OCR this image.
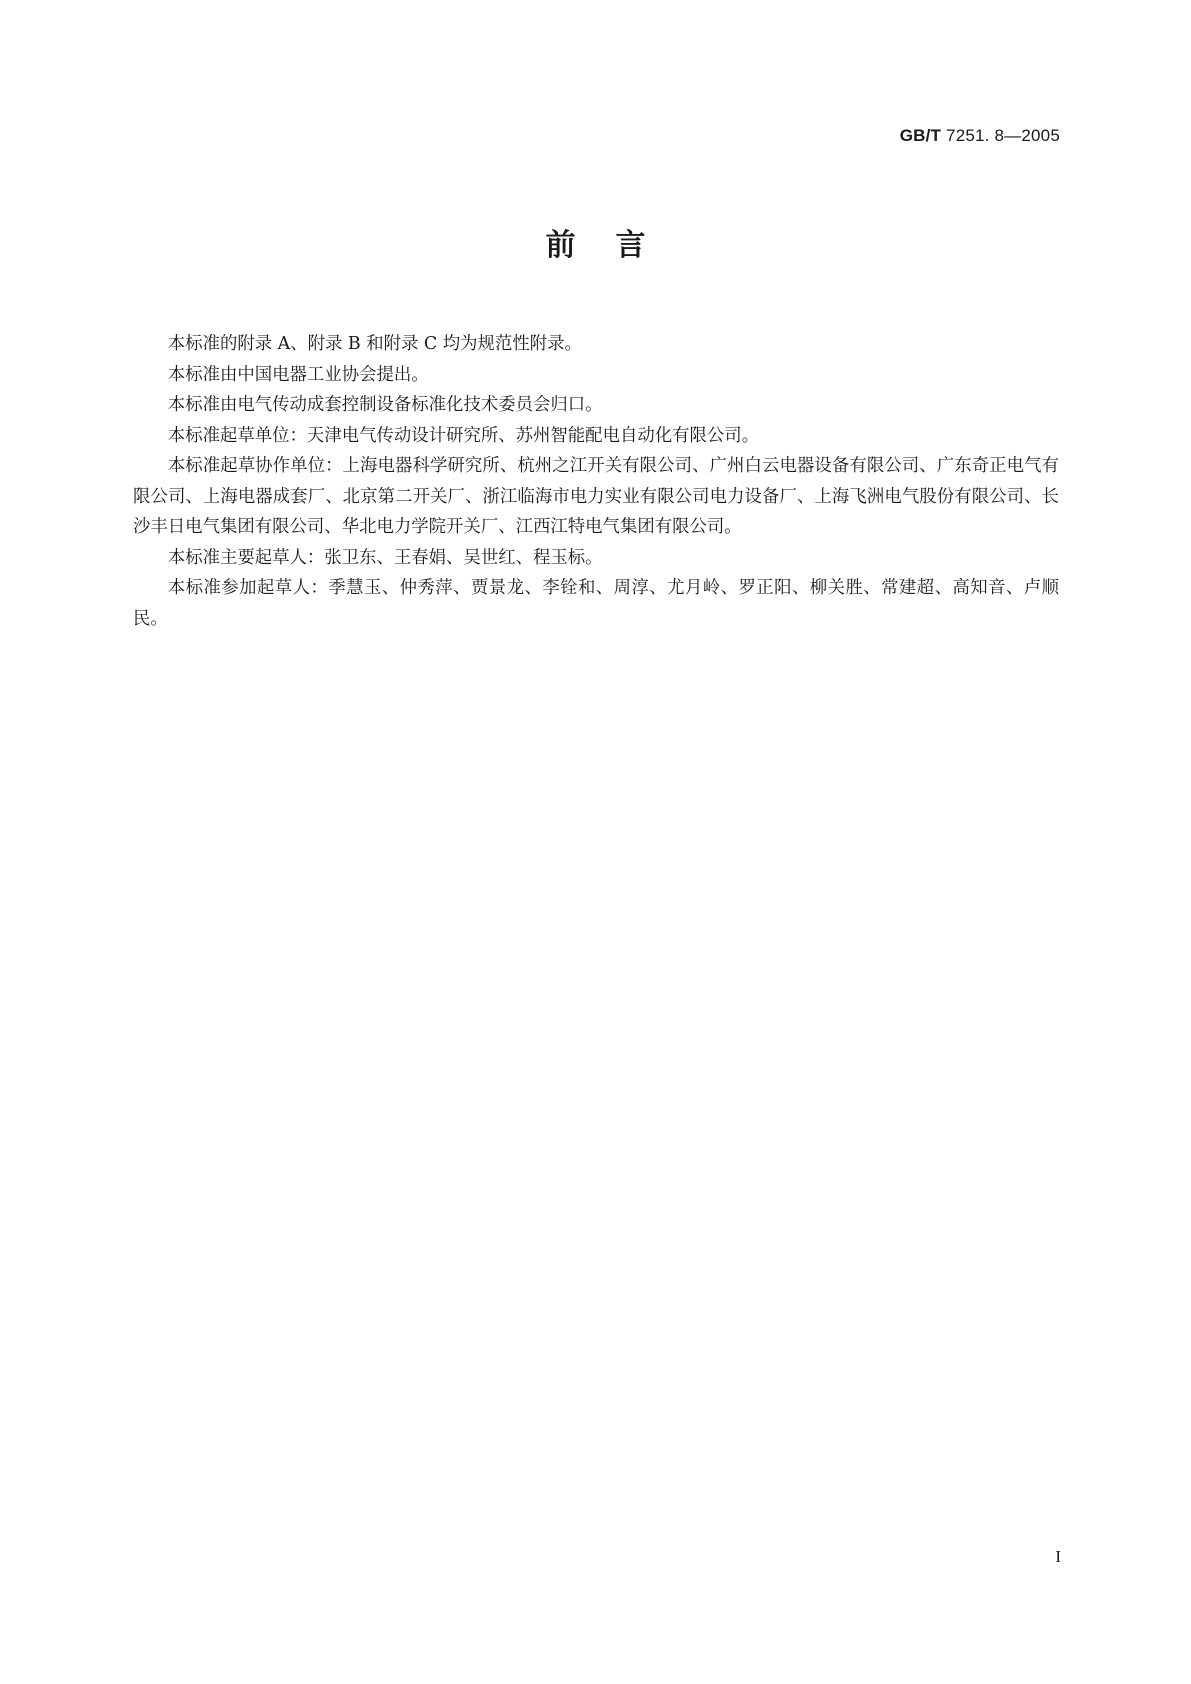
GB/T 7251. 8—2005
前言

本标准的附录 A、附录 B 和附录 C 均为规范性附录。

本标准由中国电器工业协会提出。

本标准由电气传动成套控制设备标准化技术委员会归口。

本标准起草单位：天津电气传动设计研究所、苏州智能配电自动化有限公司。

本标准起草协作单位：上海电器科学研究所、杭州之江开关有限公司、广州白云电器设备有限公司、广东奇正电气有限公司、上海电器成套厂、北京第二开关厂、浙江临海市电力实业有限公司电力设备厂、上海飞洲电气股份有限公司、长沙丰日电气集团有限公司、华北电力学院开关厂、江西江特电气集团有限公司。

本标准主要起草人：张卫东、王春娟、吴世红、程玉标。

本标准参加起草人：季慧玉、仲秀萍、贾景龙、李铨和、周淳、尤月岭、罗正阳、柳关胜、常建超、高知音、卢顺民。

I
